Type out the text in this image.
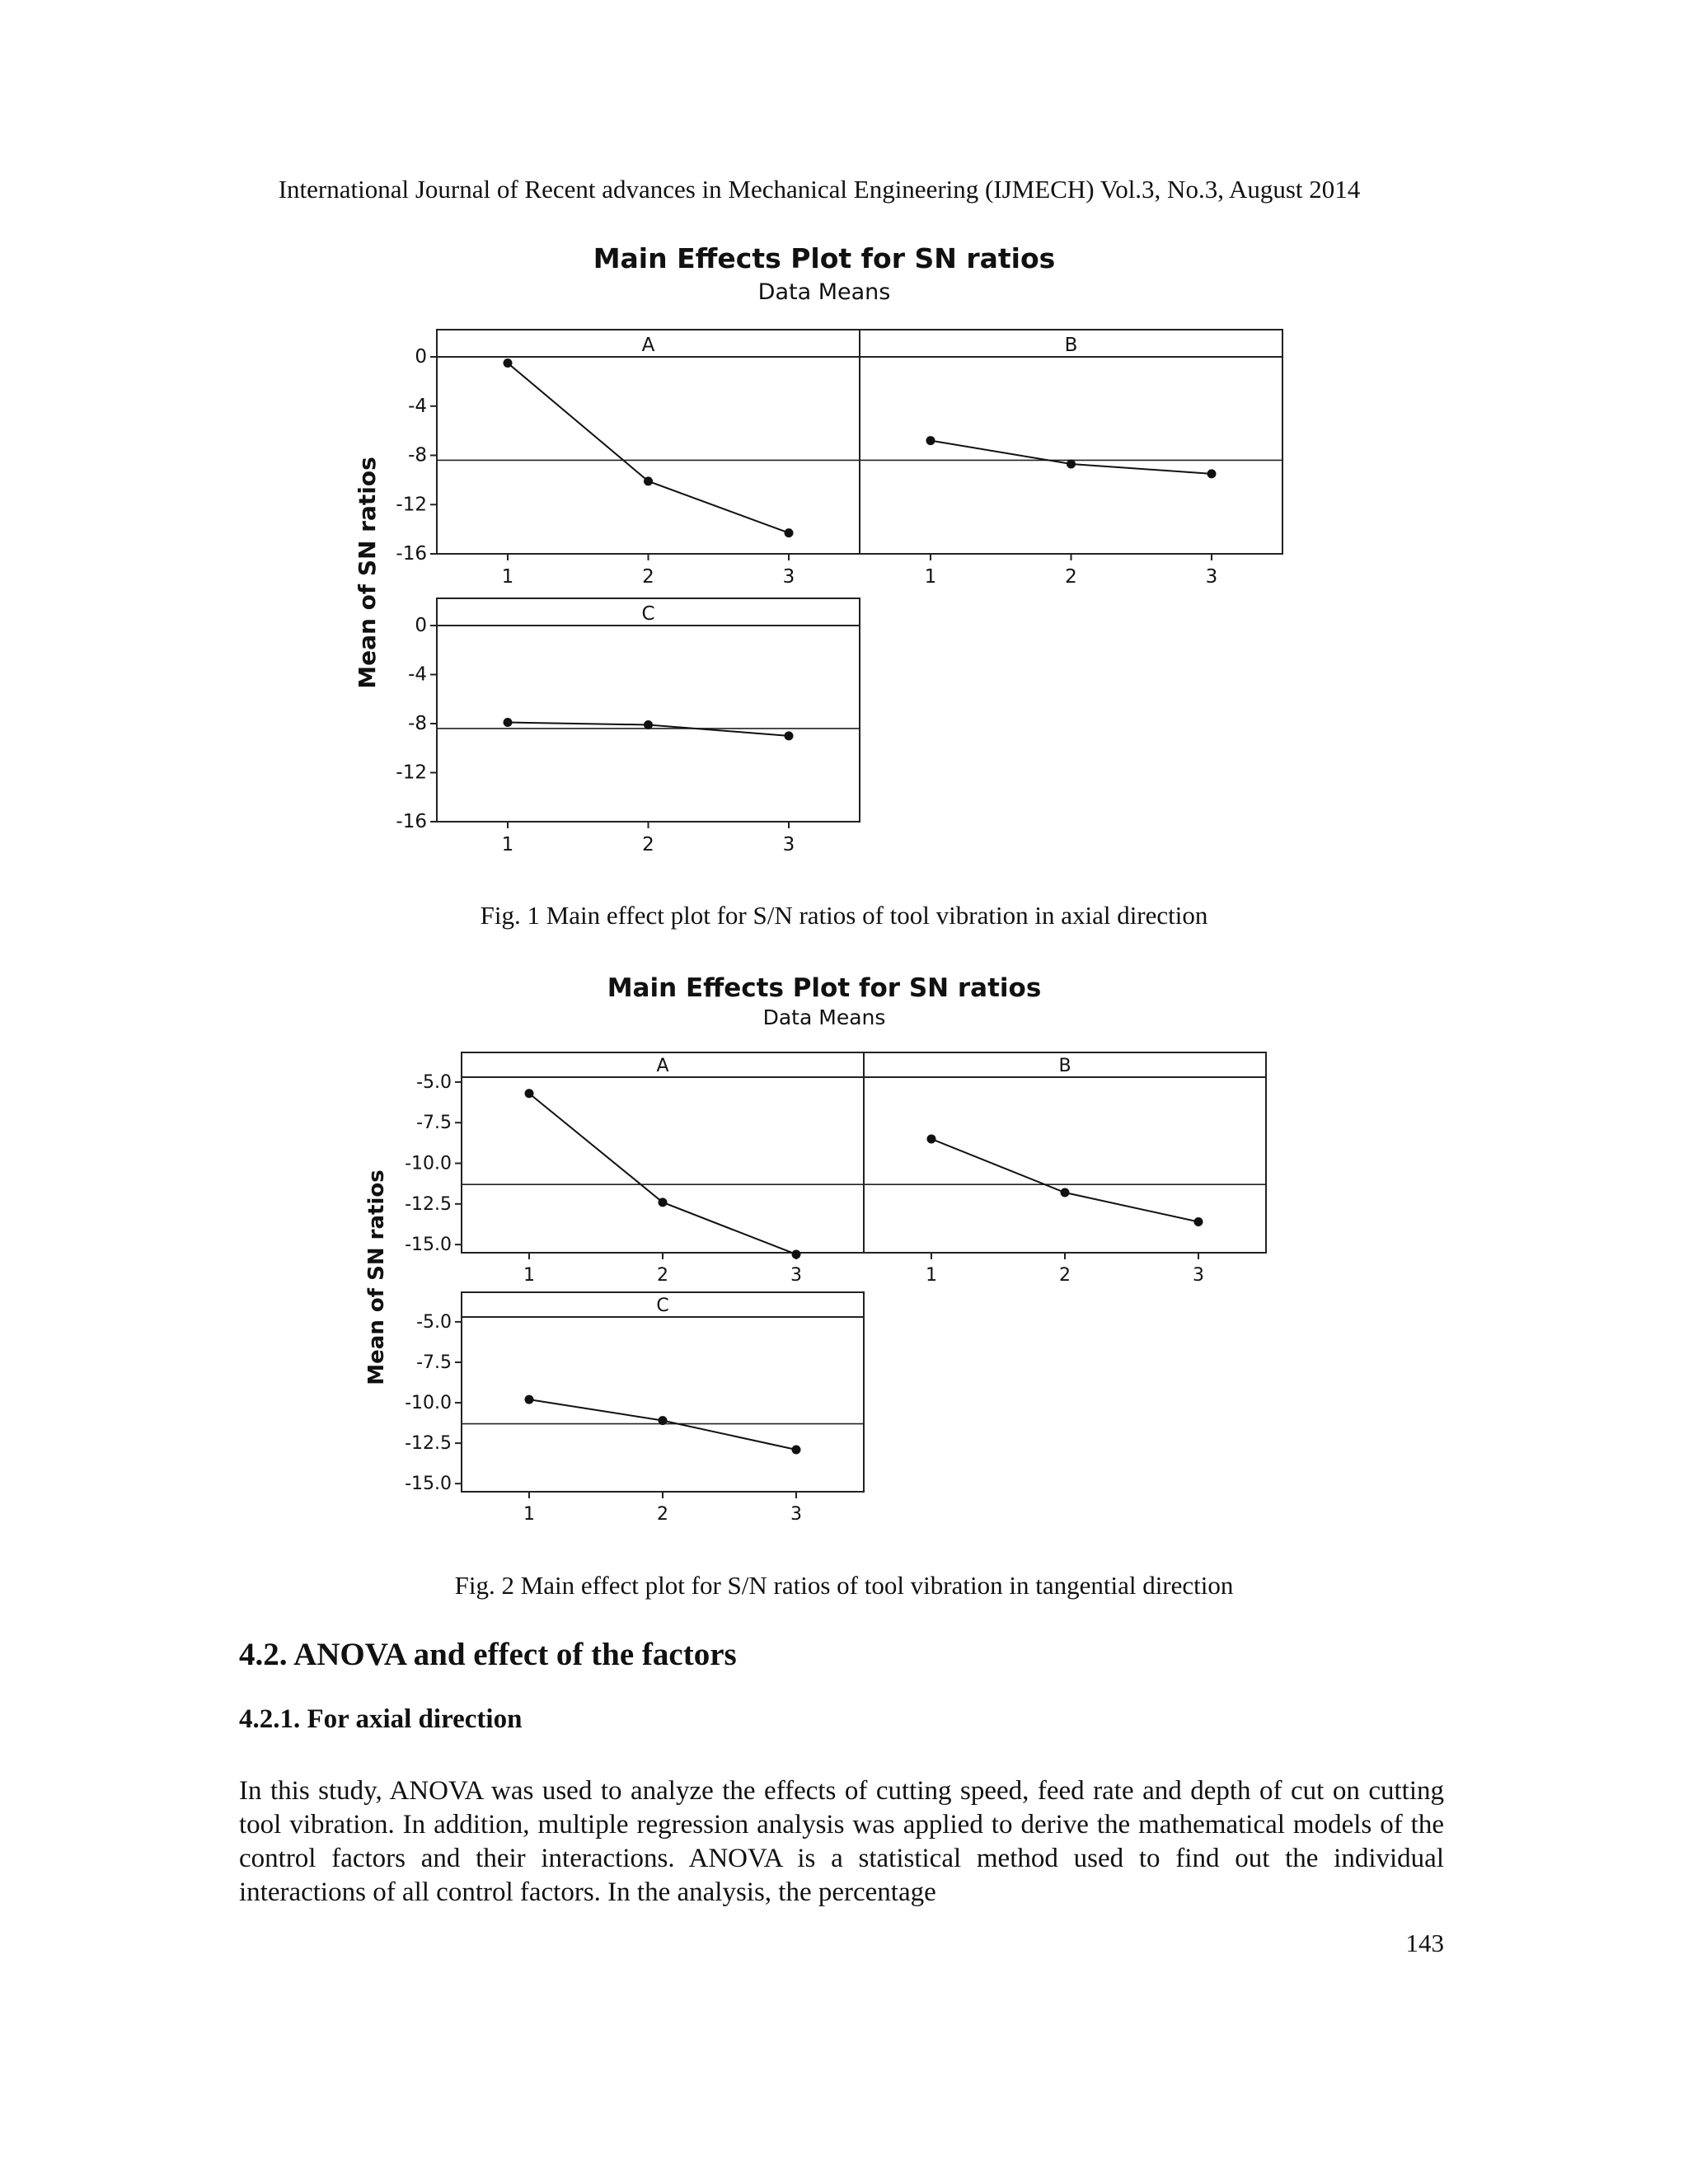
International Journal of Recent advances in Mechanical Engineering (IJMECH) Vol.3, No.3, August 2014
Main Effects Plot for SN ratios
Data Means
Mean of SN ratios
A
0
-4
-8
-12
-16
1	2	3
B
1	2	3
C
0
-4
-8
-12
-16
1	2	3
Fig. 1 Main effect plot for S/N ratios of tool vibration in axial direction
Main Effects Plot for SN ratios
Data Means
Mean of SN ratios
A
-5.0
-7.5
-10.0
-12.5
-15.0
1	2	3
B
1	2	3
C
-5.0
-7.5
-10.0
-12.5
-15.0
1	2	3
Fig. 2 Main effect plot for S/N ratios of tool vibration in tangential direction
4.2. ANOVA and effect of the factors
4.2.1. For axial direction
In this study, ANOVA was used to analyze the effects of cutting speed, feed rate and depth of cut on cutting tool vibration. In addition, multiple regression analysis was applied to derive the mathematical models of the control factors and their interactions. ANOVA is a statistical method used to find out the individual interactions of all control factors. In the analysis, the percentage
143
